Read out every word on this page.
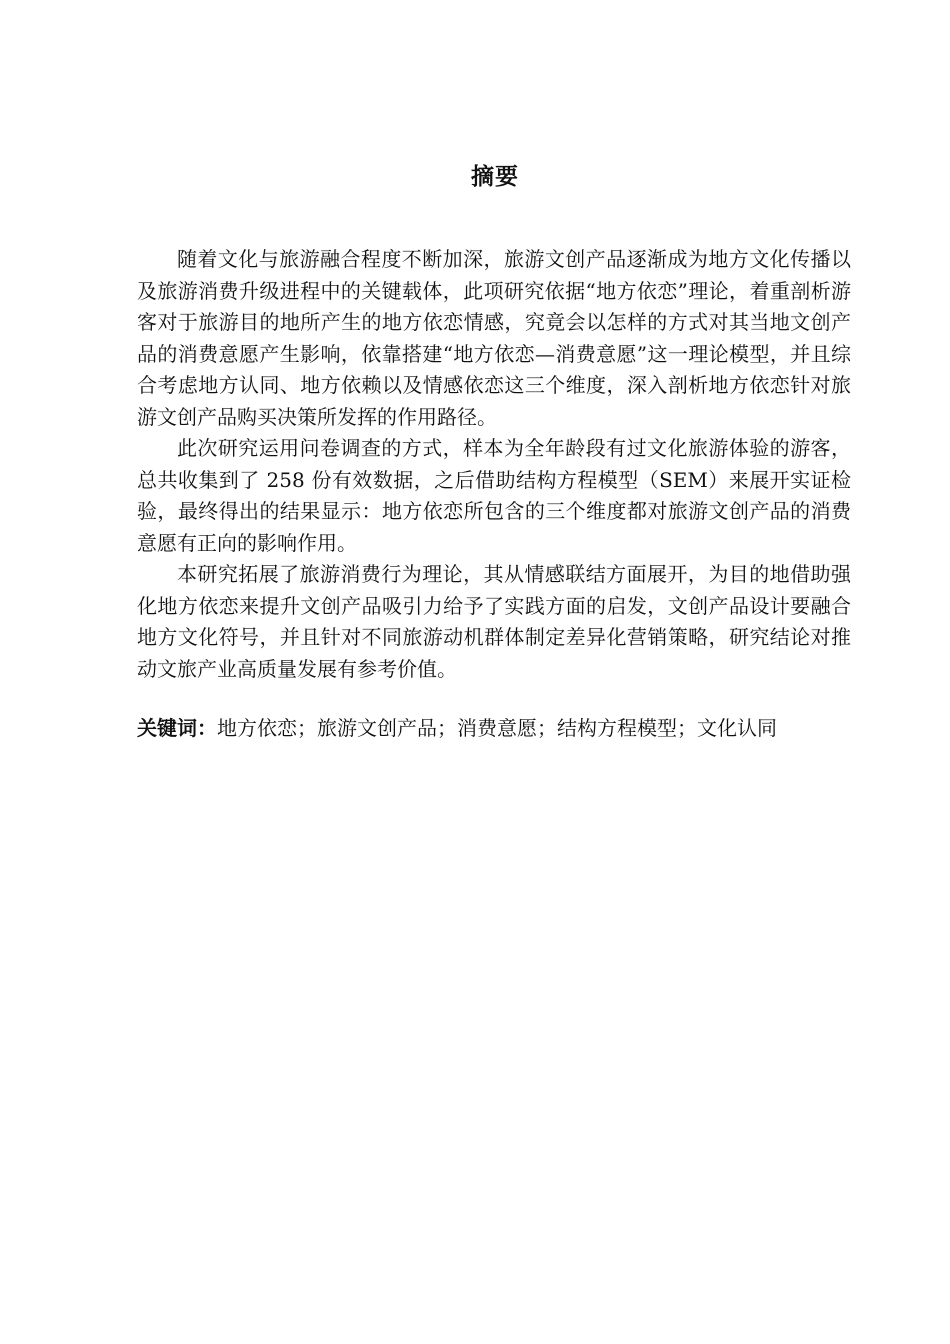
摘要

随着文化与旅游融合程度不断加深，旅游文创产品逐渐成为地方文化传播以及旅游消费升级进程中的关键载体，此项研究依据“地方依恋”理论，着重剖析游客对于旅游目的地所产生的地方依恋情感，究竟会以怎样的方式对其当地文创产品的消费意愿产生影响，依靠搭建“地方依恋—消费意愿”这一理论模型，并且综合考虑地方认同、地方依赖以及情感依恋这三个维度，深入剖析地方依恋针对旅游文创产品购买决策所发挥的作用路径。

此次研究运用问卷调查的方式，样本为全年龄段有过文化旅游体验的游客，总共收集到了 258 份有效数据，之后借助结构方程模型（SEM）来展开实证检验，最终得出的结果显示：地方依恋所包含的三个维度都对旅游文创产品的消费意愿有正向的影响作用。

本研究拓展了旅游消费行为理论，其从情感联结方面展开，为目的地借助强化地方依恋来提升文创产品吸引力给予了实践方面的启发，文创产品设计要融合地方文化符号，并且针对不同旅游动机群体制定差异化营销策略，研究结论对推动文旅产业高质量发展有参考价值。

关键词：地方依恋；旅游文创产品；消费意愿；结构方程模型；文化认同
